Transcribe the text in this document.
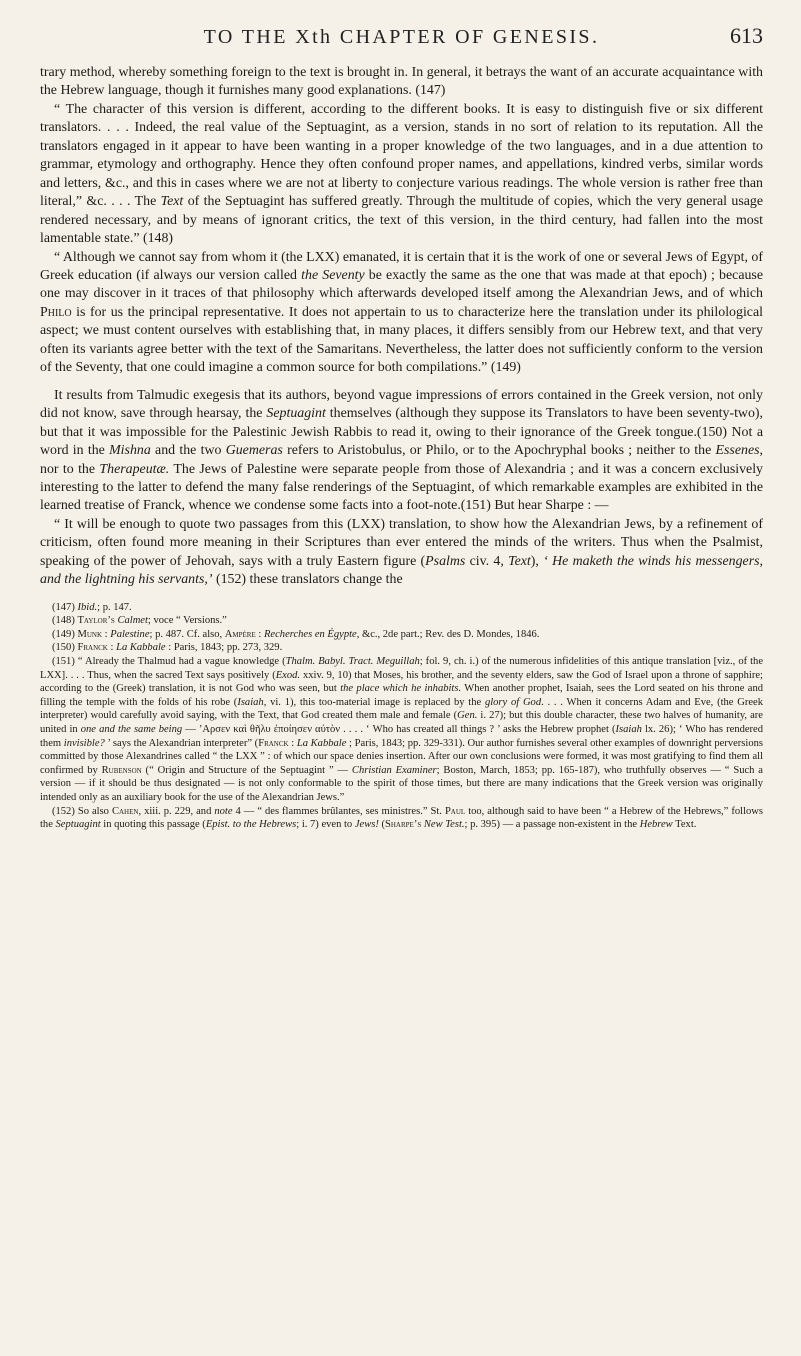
TO THE Xth CHAPTER OF GENESIS.	613

trary method, whereby something foreign to the text is brought in. In general, it betrays the want of an accurate acquaintance with the Hebrew language, though it furnishes many good explanations. (147)

“ The character of this version is different, according to the different books. It is easy to distinguish five or six different translators. . . . Indeed, the real value of the Septuagint, as a version, stands in no sort of relation to its reputation. All the translators engaged in it appear to have been wanting in a proper knowledge of the two languages, and in a due attention to grammar, etymology and orthography. Hence they often confound proper names, and appellations, kindred verbs, similar words and letters, &c., and this in cases where we are not at liberty to conjecture various readings. The whole version is rather free than literal,” &c. . . . The Text of the Septuagint has suffered greatly. Through the multitude of copies, which the very general usage rendered necessary, and by means of ignorant critics, the text of this version, in the third century, had fallen into the most lamentable state.” (148)

“ Although we cannot say from whom it (the LXX) emanated, it is certain that it is the work of one or several Jews of Egypt, of Greek education (if always our version called the Seventy be exactly the same as the one that was made at that epoch) ; because one may discover in it traces of that philosophy which afterwards developed itself among the Alexandrian Jews, and of which Philo is for us the principal representative. It does not appertain to us to characterize here the translation under its philological aspect; we must content ourselves with establishing that, in many places, it differs sensibly from our Hebrew text, and that very often its variants agree better with the text of the Samaritans. Nevertheless, the latter does not sufficiently conform to the version of the Seventy, that one could imagine a common source for both compilations.” (149)

It results from Talmudic exegesis that its authors, beyond vague impressions of errors contained in the Greek version, not only did not know, save through hearsay, the Septuagint themselves (although they suppose its Translators to have been seventy-two), but that it was impossible for the Palestinic Jewish Rabbis to read it, owing to their ignorance of the Greek tongue.(150) Not a word in the Mishna and the two Guemeras refers to Aristobulus, or Philo, or to the Apochryphal books ; neither to the Essenes, nor to the Therapeutæ. The Jews of Palestine were separate people from those of Alexandria ; and it was a concern exclusively interesting to the latter to defend the many false renderings of the Septuagint, of which remarkable examples are exhibited in the learned treatise of Franck, whence we condense some facts into a foot-note.(151) But hear Sharpe : —

“ It will be enough to quote two passages from this (LXX) translation, to show how the Alexandrian Jews, by a refinement of criticism, often found more meaning in their Scriptures than ever entered the minds of the writers. Thus when the Psalmist, speaking of the power of Jehovah, says with a truly Eastern figure (Psalms civ. 4, Text), ‘ He maketh the winds his messengers, and the lightning his servants,’ (152) these translators change the

(147) Ibid.; p. 147.

(148) Taylor’s Calmet; voce “ Versions.”

(149) Munk : Palestine; p. 487. Cf. also, Ampère : Recherches en Égypte, &c., 2de part.; Rev. des D. Mondes, 1846.

(150) Franck : La Kabbale : Paris, 1843; pp. 273, 329.

(151) “ Already the Thalmud had a vague knowledge (Thalm. Babyl. Tract. Meguillah; fol. 9, ch. i.) of the numerous infidelities of this antique translation [viz., of the LXX]. . . . Thus, when the sacred Text says positively (Exod. xxiv. 9, 10) that Moses, his brother, and the seventy elders, saw the God of Israel upon a throne of sapphire; according to the (Greek) translation, it is not God who was seen, but the place which he inhabits. When another prophet, Isaiah, sees the Lord seated on his throne and filling the temple with the folds of his robe (Isaiah, vi. 1), this too-material image is replaced by the glory of God. . . . When it concerns Adam and Eve, (the Greek interpreter) would carefully avoid saying, with the Text, that God created them male and female (Gen. i. 27); but this double character, these two halves of humanity, are united in one and the same being — ’Αρσεν καὶ θῆλυ ἐποίησεν αὐτὸν . . . . ‘ Who has created all things ? ’ asks the Hebrew prophet (Isaiah lx. 26); ‘ Who has rendered them invisible? ’ says the Alexandrian interpreter” (Franck : La Kabbale ; Paris, 1843; pp. 329-331). Our author furnishes several other examples of downright perversions committed by those Alexandrines called “ the LXX ” : of which our space denies insertion. After our own conclusions were formed, it was most gratifying to find them all confirmed by Rubenson (“ Origin and Structure of the Septuagint ” — Christian Examiner; Boston, March, 1853; pp. 165-187), who truthfully observes — “ Such a version — if it should be thus designated — is not only conformable to the spirit of those times, but there are many indications that the Greek version was originally intended only as an auxiliary book for the use of the Alexandrian Jews.”

(152) So also Cahen, xiii. p. 229, and note 4 — “ des flammes brûlantes, ses ministres.” St. Paul too, although said to have been “ a Hebrew of the Hebrews,” follows the Septuagint in quoting this passage (Epist. to the Hebrews; i. 7) even to Jews! (Sharpe’s New Test.; p. 395) — a passage non-existent in the Hebrew Text.
